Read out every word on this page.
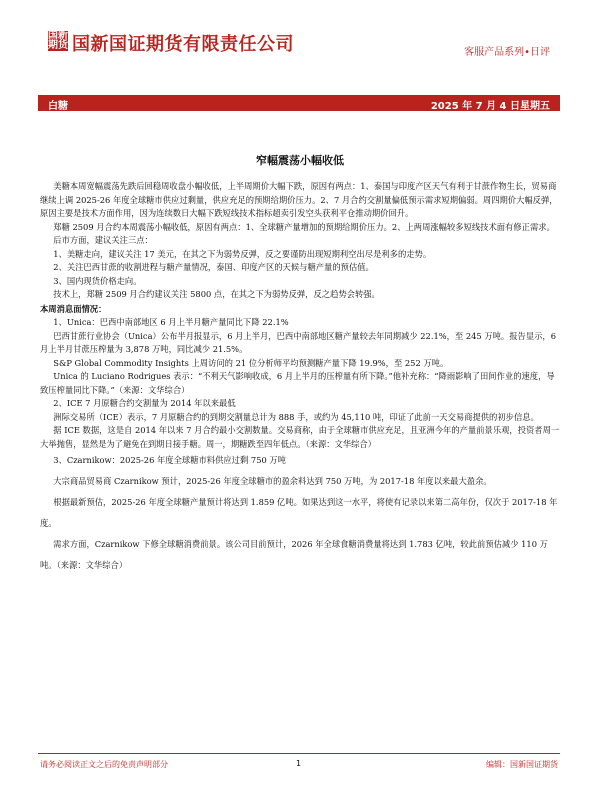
国新期货 国新国证期货有限责任公司	客服产品系列•日评
白糖	2025 年 7 月 4 日星期五
窄幅震荡小幅收低

美糖本周宽幅震荡先跌后回稳周收盘小幅收低，上半周期价大幅下跌，原因有两点：1、泰国与印度产区天气有利于甘蔗作物生长，贸易商继续上调 2025-26 年度全球糖市供应过剩量，供应充足的预期给期价压力。2、7 月合约交割量偏低预示需求短期偏弱。周四期价大幅反弹，原因主要是技术方面作用，因为连续数日大幅下跌短线技术指标超卖引发空头获利平仓推动期价回升。

郑糖 2509 月合约本周震荡小幅收低，原因有两点：1、全球糖产量增加的预期给期价压力。2、上两周涨幅较多短线技术面有修正需求。

后市方面，建议关注三点：

1、美糖走向，建议关注 17 美元，在其之下为弱势反弹，反之要谨防出现短期利空出尽是利多的走势。

2、关注巴西甘蔗的收割进程与糖产量情况，泰国、印度产区的天候与糖产量的预估值。

3、国内现货价格走向。

技术上，郑糖 2509 月合约建议关注 5800 点，在其之下为弱势反弹，反之趋势会转强。

本周消息面情况：

1、Unica：巴西中南部地区 6 月上半月糖产量同比下降 22.1%

巴西甘蔗行业协会（Unica）公布半月报显示，6 月上半月，巴西中南部地区糖产量较去年同期减少 22.1%，至 245 万吨。报告显示，6 月上半月甘蔗压榨量为 3,878 万吨，同比减少 21.5%。

S&P Global Commodity Insights 上周访问的 21 位分析师平均预测糖产量下降 19.9%，至 252 万吨。

Unica 的 Luciano Rodrigues 表示：“不利天气影响收成，6 月上半月的压榨量有所下降。”他补充称：“降雨影响了田间作业的速度，导致压榨量同比下降。”（来源：文华综合）

2、ICE 7 月原糖合约交割量为 2014 年以来最低

洲际交易所（ICE）表示，7 月原糖合约的到期交割量总计为 888 手，或约为 45,110 吨，印证了此前一天交易商提供的初步信息。

据 ICE 数据，这是自 2014 年以来 7 月合约最小交割数量。交易商称，由于全球糖市供应充足，且亚洲今年的产量前景乐观，投资者周一大举抛售，显然是为了避免在到期日接手糖。周一，期糖跌至四年低点。（来源：文华综合）

3、Czarnikow：2025-26 年度全球糖市料供应过剩 750 万吨

大宗商品贸易商 Czarnikow 预计，2025-26 年度全球糖市的盈余料达到 750 万吨，为 2017-18 年度以来最大盈余。

根据最新预估，2025-26 年度全球糖产量预计将达到 1.859 亿吨。如果达到这一水平，将使有记录以来第二高年份，仅次于 2017-18 年度。

需求方面，Czarnikow 下修全球糖消费前景。该公司目前预计，2026 年全球食糖消费量将达到 1.783 亿吨，较此前预估减少 110 万吨。（来源：文华综合）

请务必阅读正文之后的免责声明部分	1	编辑：国新国证期货
